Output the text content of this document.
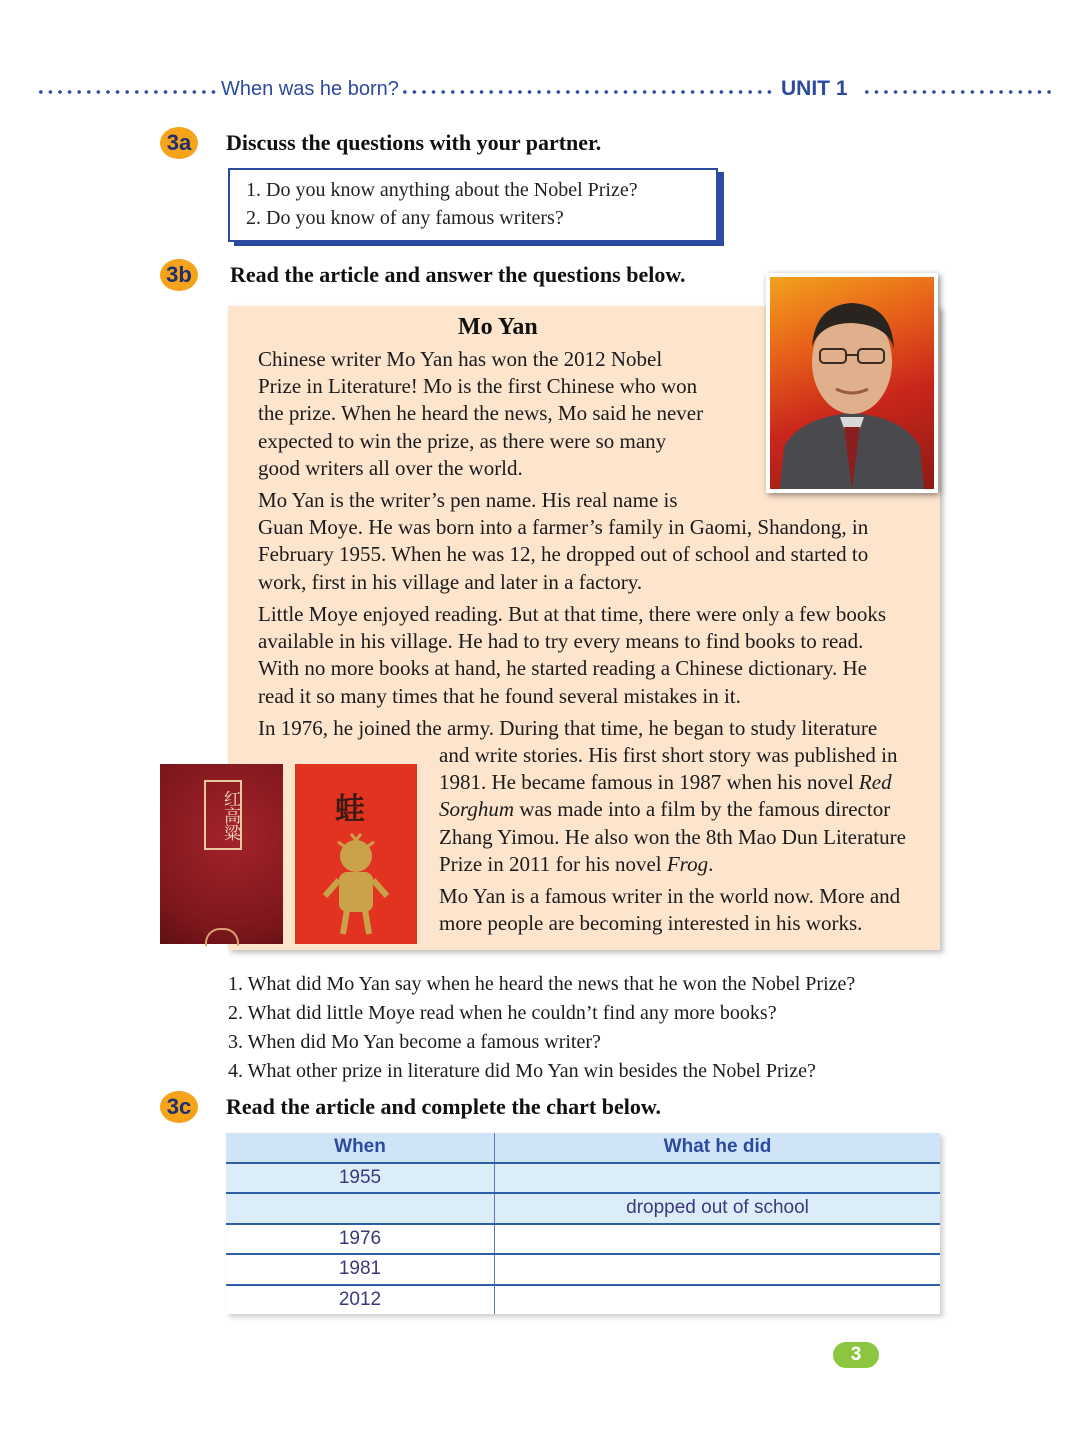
When was he born?	UNIT 1
3a	Discuss the questions with your partner.
1. Do you know anything about the Nobel Prize?
2. Do you know of any famous writers?
3b Read the article and answer the questions below.
Mo Yan
Chinese writer Mo Yan has won the 2012 Nobel
Prize in Literature! Mo is the first Chinese who won
the prize. When he heard the news, Mo said he never
expected to win the prize, as there were so many
good writers all over the world.
Mo Yan is the writer’s pen name. His real name is
Guan Moye. He was born into a farmer’s family in Gaomi, Shandong, in
February 1955. When he was 12, he dropped out of school and started to
work, first in his village and later in a factory.
Little Moye enjoyed reading. But at that time, there were only a few books
available in his village. He had to try every means to find books to read.
With no more books at hand, he started reading a Chinese dictionary. He
read it so many times that he found several mistakes in it.
In 1976, he joined the army. During that time, he began to study literature
and write stories. His first short story was published in
1981. He became famous in 1987 when his novel Red
Sorghum was made into a film by the famous director
Zhang Yimou. He also won the 8th Mao Dun Literature
Prize in 2011 for his novel Frog.
Mo Yan is a famous writer in the world now. More and
more people are becoming interested in his works.
红高粱	蛙
1. What did Mo Yan say when he heard the news that he won the Nobel Prize?
2. What did little Moye read when he couldn’t find any more books?
3. When did Mo Yan become a famous writer?
4. What other prize in literature did Mo Yan win besides the Nobel Prize?
3c	Read the article and complete the chart below.
When	What he did
1955	
	dropped out of school
1976	
1981	
2012	
3
